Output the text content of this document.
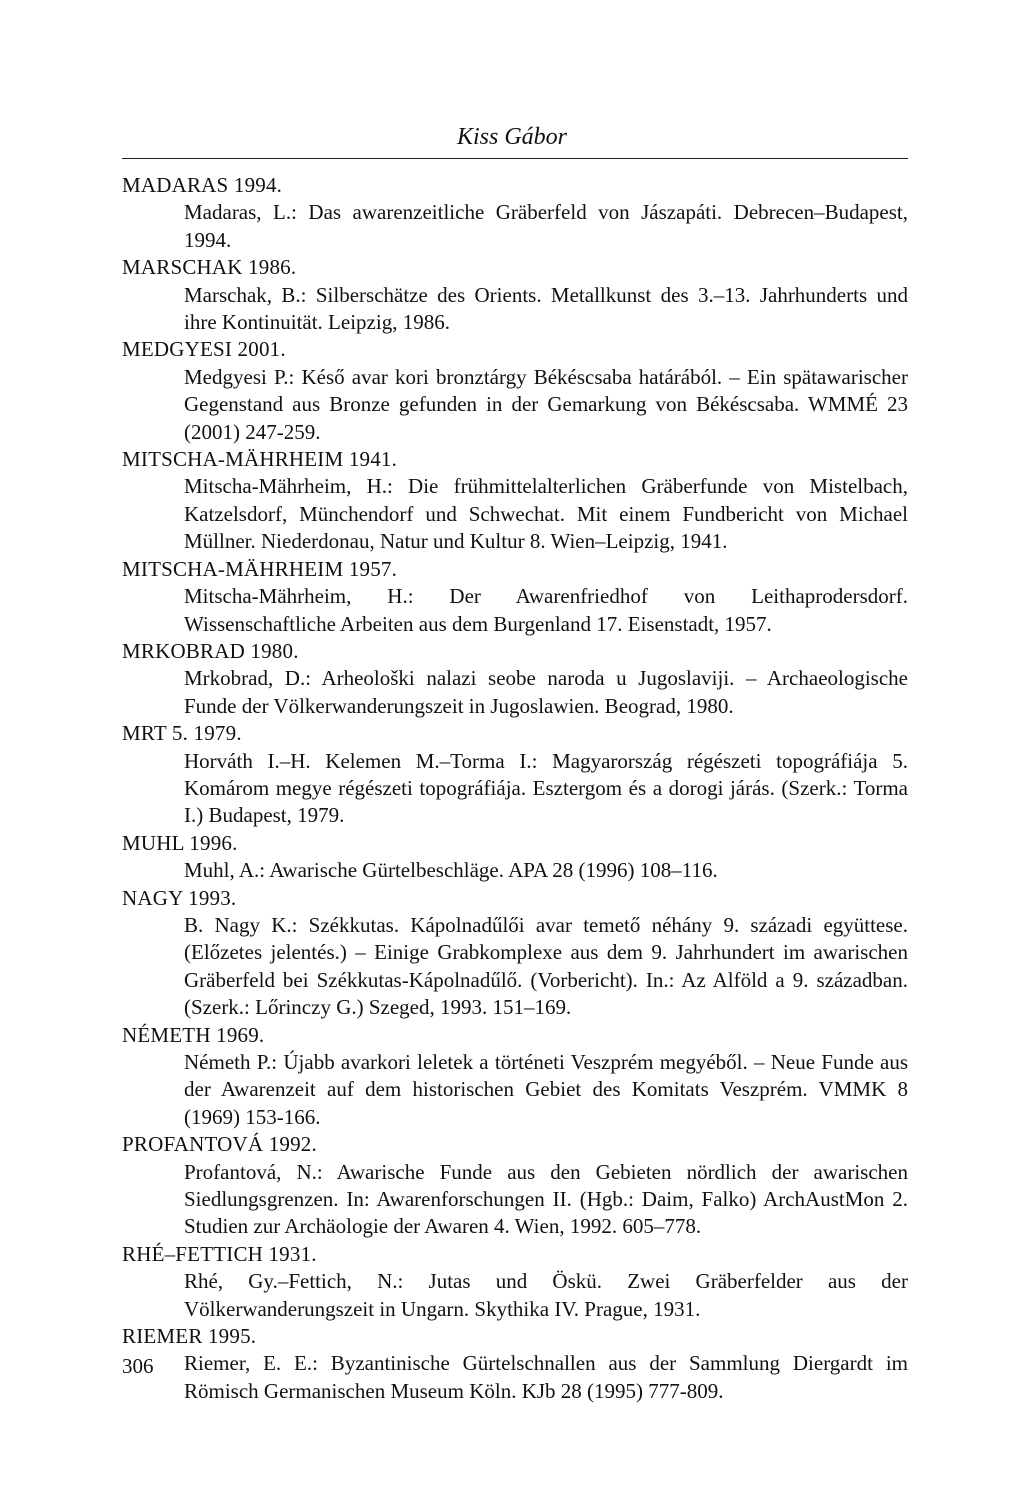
Kiss Gábor

MADARAS 1994.

Madaras, L.: Das awarenzeitliche Gräberfeld von Jászapáti. Debrecen–Budapest, 1994.

MARSCHAK 1986.

Marschak, B.: Silberschätze des Orients. Metallkunst des 3.–13. Jahrhunderts und ihre Kontinuität. Leipzig, 1986.

MEDGYESI 2001.

Medgyesi P.: Késő avar kori bronztárgy Békéscsaba határából. – Ein spätawarischer Gegenstand aus Bronze gefunden in der Gemarkung von Békéscsaba. WMMÉ 23 (2001) 247-259.

MITSCHA-MÄHRHEIM 1941.

Mitscha-Mährheim, H.: Die frühmittelalterlichen Gräberfunde von Mistelbach, Katzelsdorf, Münchendorf und Schwechat. Mit einem Fundbericht von Michael Müllner. Niederdonau, Natur und Kultur 8. Wien–Leipzig, 1941.

MITSCHA-MÄHRHEIM 1957.

Mitscha-Mährheim, H.: Der Awarenfriedhof von Leithaprodersdorf. Wissenschaftliche Arbeiten aus dem Burgenland 17. Eisenstadt, 1957.

MRKOBRAD 1980.

Mrkobrad, D.: Arheološki nalazi seobe naroda u Jugoslaviji. – Archaeologische Funde der Völkerwanderungszeit in Jugoslawien. Beograd, 1980.

MRT 5. 1979.

Horváth I.–H. Kelemen M.–Torma I.: Magyarország régészeti topográfiája 5. Komárom megye régészeti topográfiája. Esztergom és a dorogi járás. (Szerk.: Torma I.) Budapest, 1979.

MUHL 1996.

Muhl, A.: Awarische Gürtelbeschläge. APA 28 (1996) 108–116.

NAGY 1993.

B. Nagy K.: Székkutas. Kápolnadűlői avar temető néhány 9. századi együttese. (Előzetes jelentés.) – Einige Grabkomplexe aus dem 9. Jahrhundert im awarischen Gräberfeld bei Székkutas-Kápolnadűlő. (Vorbericht). In.: Az Alföld a 9. században. (Szerk.: Lőrinczy G.) Szeged, 1993. 151–169.

NÉMETH 1969.

Németh P.: Újabb avarkori leletek a történeti Veszprém megyéből. – Neue Funde aus der Awarenzeit auf dem historischen Gebiet des Komitats Veszprém. VMMK 8 (1969) 153-166.

PROFANTOVÁ 1992.

Profantová, N.: Awarische Funde aus den Gebieten nördlich der awarischen Siedlungsgrenzen. In: Awarenforschungen II. (Hgb.: Daim, Falko) ArchAustMon 2. Studien zur Archäologie der Awaren 4. Wien, 1992. 605–778.

RHÉ–FETTICH 1931.

Rhé, Gy.–Fettich, N.: Jutas und Öskü. Zwei Gräberfelder aus der Völkerwanderungszeit in Ungarn. Skythika IV. Prague, 1931.

RIEMER 1995.

Riemer, E. E.: Byzantinische Gürtelschnallen aus der Sammlung Diergardt im Römisch Germanischen Museum Köln. KJb 28 (1995) 777-809.

306
